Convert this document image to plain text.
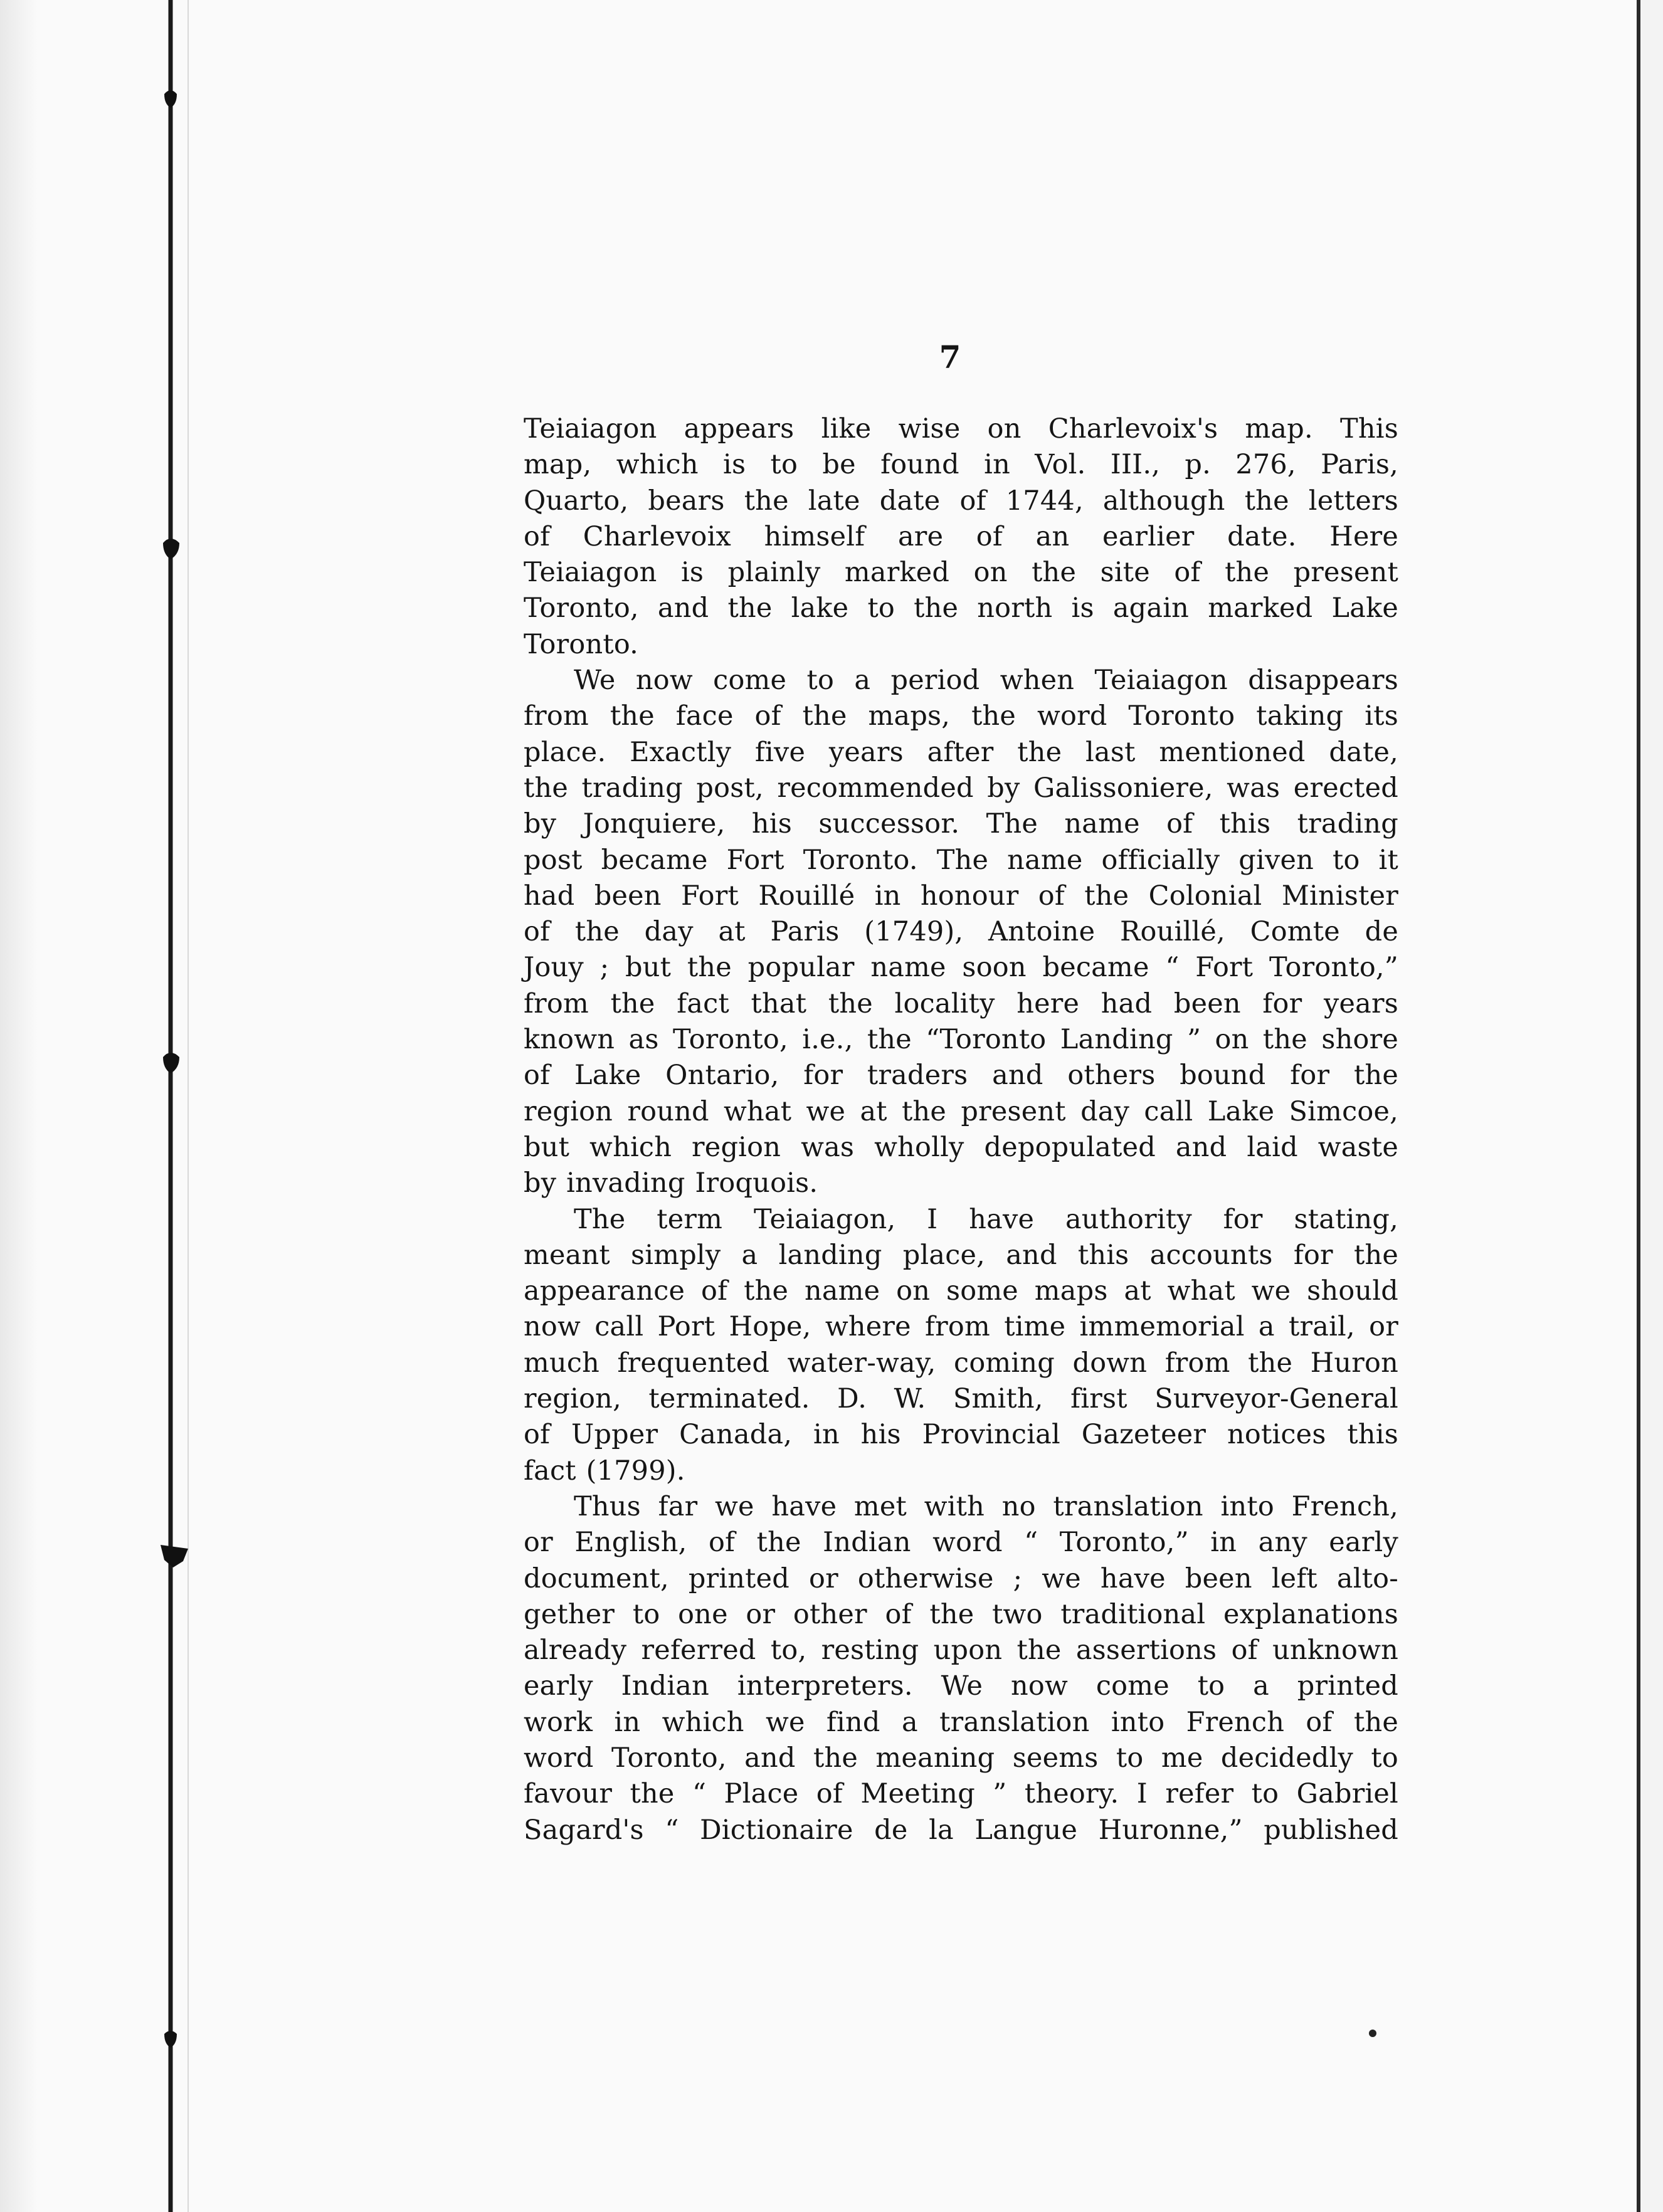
7
Teiaiagon appears like wise on Charlevoix's map. This
map, which is to be found in Vol. III., p. 276, Paris,
Quarto, bears the late date of 1744, although the letters
of Charlevoix himself are of an earlier date. Here
Teiaiagon is plainly marked on the site of the present
Toronto, and the lake to the north is again marked Lake
Toronto.
We now come to a period when Teiaiagon disappears
from the face of the maps, the word Toronto taking its
place. Exactly five years after the last mentioned date,
the trading post, recommended by Galissoniere, was erected
by Jonquiere, his successor. The name of this trading
post became Fort Toronto. The name officially given to it
had been Fort Rouillé in honour of the Colonial Minister
of the day at Paris (1749), Antoine Rouillé, Comte de
Jouy ; but the popular name soon became “ Fort Toronto,”
from the fact that the locality here had been for years
known as Toronto, i.e., the “Toronto Landing ” on the shore
of Lake Ontario, for traders and others bound for the
region round what we at the present day call Lake Simcoe,
but which region was wholly depopulated and laid waste
by invading Iroquois.
The term Teiaiagon, I have authority for stating,
meant simply a landing place, and this accounts for the
appearance of the name on some maps at what we should
now call Port Hope, where from time immemorial a trail, or
much frequented water-way, coming down from the Huron
region, terminated. D. W. Smith, first Surveyor-General
of Upper Canada, in his Provincial Gazeteer notices this
fact (1799).
Thus far we have met with no translation into French,
or English, of the Indian word “ Toronto,” in any early
document, printed or otherwise ; we have been left alto-
gether to one or other of the two traditional explanations
already referred to, resting upon the assertions of unknown
early Indian interpreters. We now come to a printed
work in which we find a translation into French of the
word Toronto, and the meaning seems to me decidedly to
favour the “ Place of Meeting ” theory. I refer to Gabriel
Sagard's “ Dictionaire de la Langue Huronne,” published
